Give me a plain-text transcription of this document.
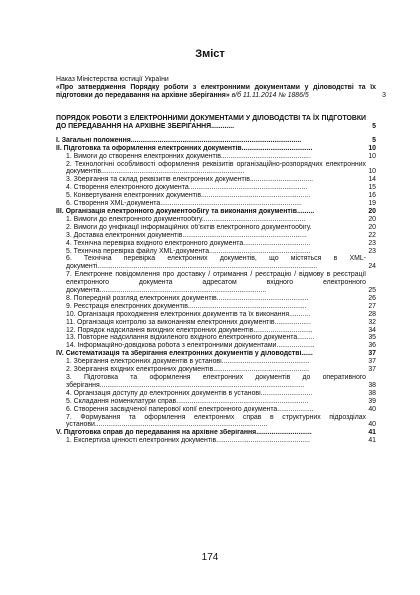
Зміст
Наказ Міністерства юстиції України
«Про затвердження Порядку роботи з електронними документами у діловодстві та їх підготовки до передавання на архівне зберігання» в/б 11.11.2014 № 1886/5	3
ПОРЯДОК РОБОТИ З ЕЛЕКТРОННИМИ ДОКУМЕНТАМИ У ДІЛОВОДСТВІ ТА ЇХ ПІДГОТОВКИ ДО ПЕРЕДАВАННЯ НА АРХІВНЕ ЗБЕРІГАННЯ............	5
І. Загальні положення.........................................................................................	5
ІІ. Підготовка та оформлення електронних документів.....................................	10
1. Вимоги до створення електронних документів...............................................	10
2. Технологічні особливості оформлення реквізитів організаційно-розпорядчих електронних документів...........................................................................	10
3. Зберігання та склад реквізитів електронних документів.................................	14
4. Створення електронного документа..............................................................	15
5. Конвертування електронних документів.........................................................	16
6. Створення XML-документа..........................................................................	19
ІІІ. Організація електронного документообігу та виконання документів.........	20
1. Вимоги до електронного документообігу......................................................	20
2. Вимоги до уніфікації інформаційних об'єктів електронного документообігу.	20
3. Доставка електронних документів.................................................................	22
4. Технічна перевірка вхідного електронного документа...................................	23
5. Технічна перевірка файлу XML-документа.....................................................	23
6. Технічна перевірка електронних документів, що містяться в XML-документі...................................................................................................................	24
7. Електронне повідомлення про доставку / отримання / реєстрацію / відмову в реєстрації електронного документа адресатом вхідного електронного документа.......................................................................................	25
8. Попередній розгляд електронних документів................................................	26
9. Реєстрація електронних документів..............................................................	27
10. Організація проходження електронних документів та їх виконання...........	28
11. Організація контролю за виконанням електронних документів...................	32
12. Порядок надсилання вихідних електронних документів...............................	34
13. Повторне надсилання відхиленого вхідного електронного документа.........	35
14. Інформаційно-довідкова робота з електронними документами....................	36
ІV. Систематизація та зберігання електронних документів у діловодстві......	37
1. Зберігання електронних документів в установі..............................................	37
2. Зберігання вхідних електронних документів..................................................	37
3. Підготовка та оформлення електронних документів до оперативного зберігання...........................................................................................................	38
4. Організація доступу до електронних документів в установі...........................	38
5. Складання номенклатури справ.....................................................................	39
6. Створення засвідченої паперової копії електронного документа...................	40
7. Формування та оформлення електронних справ в структурних підрозділах установи..........................................................................................	40
V. Підготовка справ до передавання на архівне зберігання.............................	41
1. Експертиза цінності електронних документів.................................................	41
174
